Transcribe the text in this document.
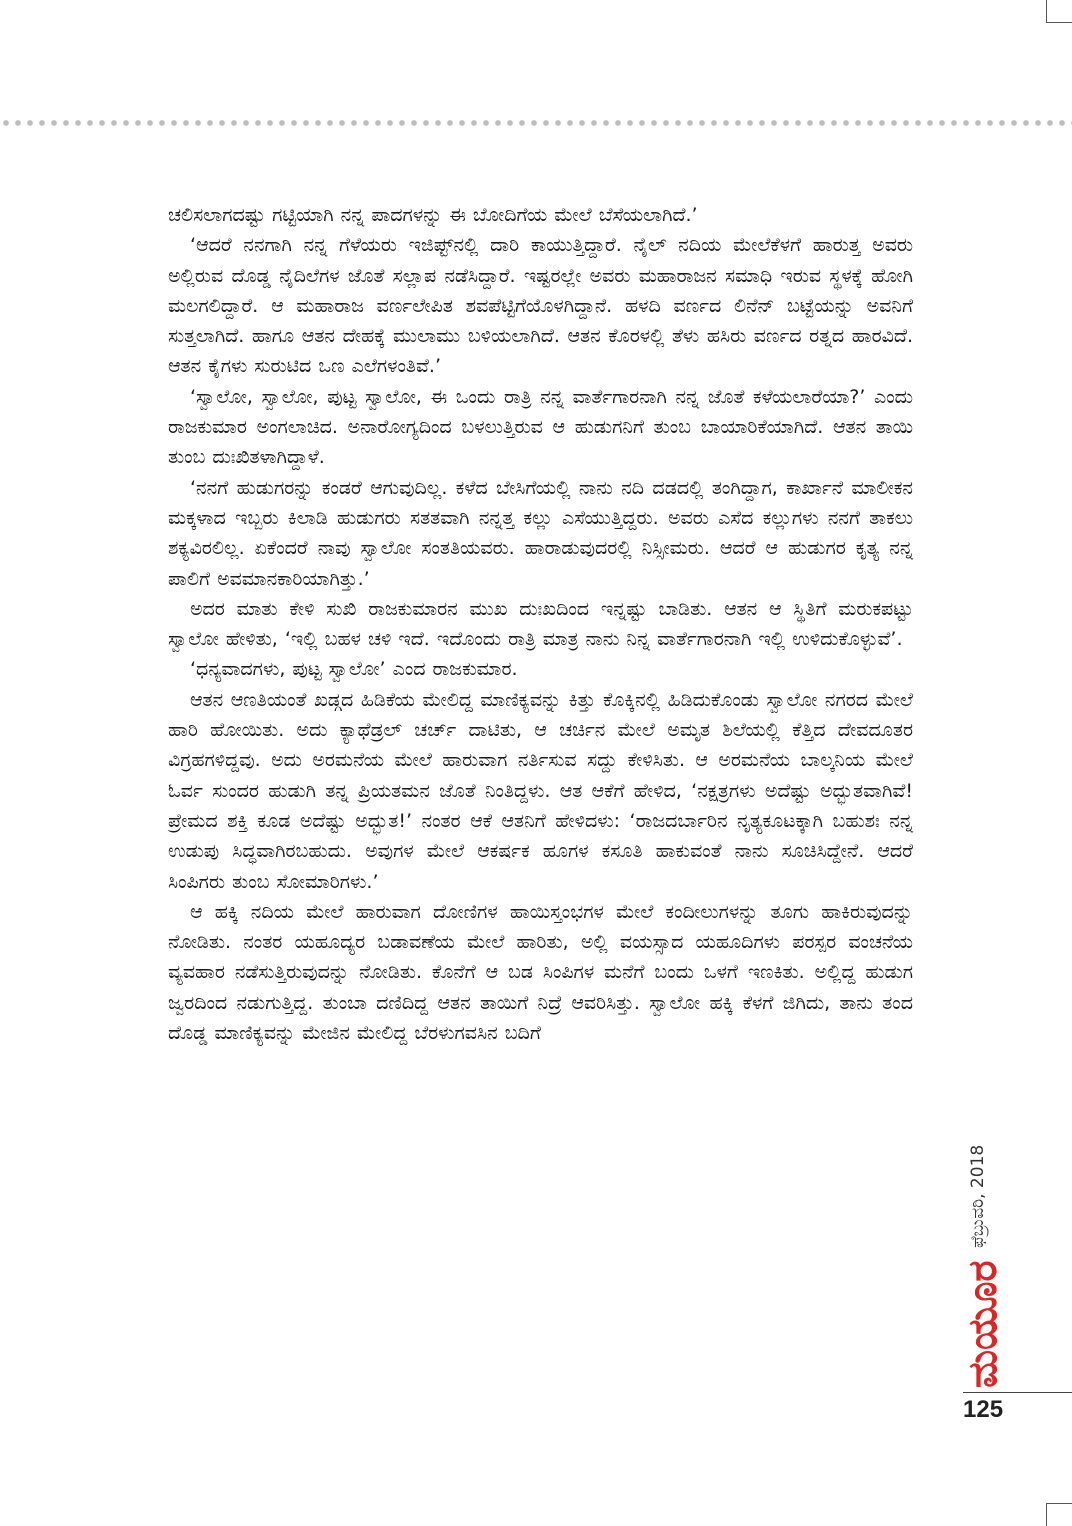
ಚಲಿಸಲಾಗದಷ್ಟು ಗಟ್ಟಿಯಾಗಿ ನನ್ನ ಪಾದಗಳನ್ನು ಈ ಬೋದಿಗೆಯ ಮೇಲೆ ಬೆಸೆಯಲಾಗಿದೆ.’

‘ಆದರೆ ನನಗಾಗಿ ನನ್ನ ಗೆಳೆಯರು ಇಜಿಪ್ಟ್‌ನಲ್ಲಿ ದಾರಿ ಕಾಯುತ್ತಿದ್ದಾರೆ. ನೈಲ್ ನದಿಯ ಮೇಲೆಕೆಳಗೆ ಹಾರುತ್ತ ಅವರು ಅಲ್ಲಿರುವ ದೊಡ್ಡ ನೈದಿಲೆಗಳ ಜೊತೆ ಸಲ್ಲಾಪ ನಡೆಸಿದ್ದಾರೆ. ಇಷ್ಟರಲ್ಲೇ ಅವರು ಮಹಾರಾಜನ ಸಮಾಧಿ ಇರುವ ಸ್ಥಳಕ್ಕೆ ಹೋಗಿ ಮಲಗಲಿದ್ದಾರೆ. ಆ ಮಹಾರಾಜ ವರ್ಣಲೇಪಿತ ಶವಪೆಟ್ಟಿಗೆಯೊಳಗಿದ್ದಾನೆ. ಹಳದಿ ವರ್ಣದ ಲಿನೆನ್ ಬಟ್ಟೆಯನ್ನು ಅವನಿಗೆ ಸುತ್ತಲಾಗಿದೆ. ಹಾಗೂ ಆತನ ದೇಹಕ್ಕೆ ಮುಲಾಮು ಬಳಿಯಲಾಗಿದೆ. ಆತನ ಕೊರಳಲ್ಲಿ ತೆಳು ಹಸಿರು ವರ್ಣದ ರತ್ನದ ಹಾರವಿದೆ. ಆತನ ಕೈಗಳು ಸುರುಟಿದ ಒಣ ಎಲೆಗಳಂತಿವೆ.’

‘ಸ್ವಾಲೋ, ಸ್ವಾಲೋ, ಪುಟ್ಟ ಸ್ವಾಲೋ, ಈ ಒಂದು ರಾತ್ರಿ ನನ್ನ ವಾರ್ತೆಗಾರನಾಗಿ ನನ್ನ ಜೊತೆ ಕಳೆಯಲಾರೆಯಾ?’ ಎಂದು ರಾಜಕುಮಾರ ಅಂಗಲಾಚಿದ. ಅನಾರೋಗ್ಯದಿಂದ ಬಳಲುತ್ತಿರುವ ಆ ಹುಡುಗನಿಗೆ ತುಂಬ ಬಾಯಾರಿಕೆಯಾಗಿದೆ. ಆತನ ತಾಯಿ ತುಂಬ ದುಃಖಿತಳಾಗಿದ್ದಾಳೆ.

‘ನನಗೆ ಹುಡುಗರನ್ನು ಕಂಡರೆ ಆಗುವುದಿಲ್ಲ. ಕಳೆದ ಬೇಸಿಗೆಯಲ್ಲಿ ನಾನು ನದಿ ದಡದಲ್ಲಿ ತಂಗಿದ್ದಾಗ, ಕಾರ್ಖಾನೆ ಮಾಲೀಕನ ಮಕ್ಕಳಾದ ಇಬ್ಬರು ಕಿಲಾಡಿ ಹುಡುಗರು ಸತತವಾಗಿ ನನ್ನತ್ತ ಕಲ್ಲು ಎಸೆಯುತ್ತಿದ್ದರು. ಅವರು ಎಸೆದ ಕಲ್ಲುಗಳು ನನಗೆ ತಾಕಲು ಶಕ್ಯವಿರಲಿಲ್ಲ. ಏಕೆಂದರೆ ನಾವು ಸ್ವಾಲೋ ಸಂತತಿಯವರು. ಹಾರಾಡುವುದರಲ್ಲಿ ನಿಸ್ಸೀಮರು. ಆದರೆ ಆ ಹುಡುಗರ ಕೃತ್ಯ ನನ್ನ ಪಾಲಿಗೆ ಅವಮಾನಕಾರಿಯಾಗಿತ್ತು.’

ಅದರ ಮಾತು ಕೇಳಿ ಸುಖಿ ರಾಜಕುಮಾರನ ಮುಖ ದುಃಖದಿಂದ ಇನ್ನಷ್ಟು ಬಾಡಿತು. ಆತನ ಆ ಸ್ಥಿತಿಗೆ ಮರುಕಪಟ್ಟು ಸ್ವಾಲೋ ಹೇಳಿತು, ‘ಇಲ್ಲಿ ಬಹಳ ಚಳಿ ಇದೆ. ಇದೊಂದು ರಾತ್ರಿ ಮಾತ್ರ ನಾನು ನಿನ್ನ ವಾರ್ತೆಗಾರನಾಗಿ ಇಲ್ಲಿ ಉಳಿದುಕೊಳ್ಳುವೆ’.

‘ಧನ್ಯವಾದಗಳು, ಪುಟ್ಟ ಸ್ವಾಲೋ’ ಎಂದ ರಾಜಕುಮಾರ.

ಆತನ ಆಣತಿಯಂತೆ ಖಡ್ಗದ ಹಿಡಿಕೆಯ ಮೇಲಿದ್ದ ಮಾಣಿಕ್ಯವನ್ನು ಕಿತ್ತು ಕೊಕ್ಕಿನಲ್ಲಿ ಹಿಡಿದುಕೊಂಡು ಸ್ವಾಲೋ ನಗರದ ಮೇಲೆ ಹಾರಿ ಹೋಯಿತು. ಅದು ಕ್ಯಾಥೆಡ್ರಲ್ ಚರ್ಚ್ ದಾಟಿತು, ಆ ಚರ್ಚಿನ ಮೇಲೆ ಅಮೃತ ಶಿಲೆಯಲ್ಲಿ ಕೆತ್ತಿದ ದೇವದೂತರ ವಿಗ್ರಹಗಳಿದ್ದವು. ಅದು ಅರಮನೆಯ ಮೇಲೆ ಹಾರುವಾಗ ನರ್ತಿಸುವ ಸದ್ದು ಕೇಳಿಸಿತು. ಆ ಅರಮನೆಯ ಬಾಲ್ಕನಿಯ ಮೇಲೆ ಓರ್ವ ಸುಂದರ ಹುಡುಗಿ ತನ್ನ ಪ್ರಿಯತಮನ ಜೊತೆ ನಿಂತಿದ್ದಳು. ಆತ ಆಕೆಗೆ ಹೇಳಿದ, ‘ನಕ್ಷತ್ರಗಳು ಅದೆಷ್ಟು ಅದ್ಭುತವಾಗಿವೆ! ಪ್ರೇಮದ ಶಕ್ತಿ ಕೂಡ ಅದೆಷ್ಟು ಅದ್ಭುತ!’ ನಂತರ ಆಕೆ ಆತನಿಗೆ ಹೇಳಿದಳು: ‘ರಾಜದರ್ಬಾರಿನ ನೃತ್ಯಕೂಟಕ್ಕಾಗಿ ಬಹುಶಃ ನನ್ನ ಉಡುಪು ಸಿದ್ಧವಾಗಿರಬಹುದು. ಅವುಗಳ ಮೇಲೆ ಆಕರ್ಷಕ ಹೂಗಳ ಕಸೂತಿ ಹಾಕುವಂತೆ ನಾನು ಸೂಚಿಸಿದ್ದೇನೆ. ಆದರೆ ಸಿಂಪಿಗರು ತುಂಬ ಸೋಮಾರಿಗಳು.’

ಆ ಹಕ್ಕಿ ನದಿಯ ಮೇಲೆ ಹಾರುವಾಗ ದೋಣಿಗಳ ಹಾಯಿಸ್ತಂಭಗಳ ಮೇಲೆ ಕಂದೀಲುಗಳನ್ನು ತೂಗು ಹಾಕಿರುವುದನ್ನು ನೋಡಿತು. ನಂತರ ಯಹೂದ್ಯರ ಬಡಾವಣೆಯ ಮೇಲೆ ಹಾರಿತು, ಅಲ್ಲಿ ವಯಸ್ಸಾದ ಯಹೂದಿಗಳು ಪರಸ್ಪರ ವಂಚನೆಯ ವ್ಯವಹಾರ ನಡೆಸುತ್ತಿರುವುದನ್ನು ನೋಡಿತು. ಕೊನೆಗೆ ಆ ಬಡ ಸಿಂಪಿಗಳ ಮನೆಗೆ ಬಂದು ಒಳಗೆ ಇಣಕಿತು. ಅಲ್ಲಿದ್ದ ಹುಡುಗ ಜ್ವರದಿಂದ ನಡುಗುತ್ತಿದ್ದ. ತುಂಬಾ ದಣಿದಿದ್ದ ಆತನ ತಾಯಿಗೆ ನಿದ್ರೆ ಆವರಿಸಿತ್ತು. ಸ್ವಾಲೋ ಹಕ್ಕಿ ಕೆಳಗೆ ಜಿಗಿದು, ತಾನು ತಂದ ದೊಡ್ಡ ಮಾಣಿಕ್ಯವನ್ನು ಮೇಜಿನ ಮೇಲಿದ್ದ ಬೆರಳುಗವಸಿನ ಬದಿಗೆ

ಫೆಬ್ರುವರಿ, 2018
ಮಯೂರ
125
